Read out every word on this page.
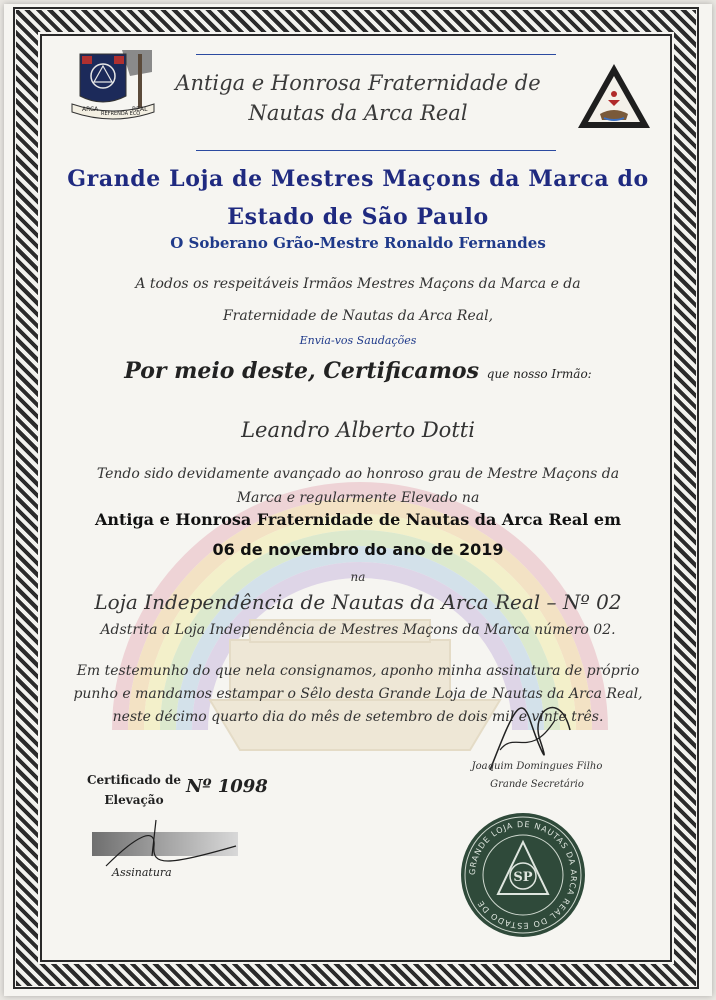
ARCA
REFRENDA ECO
REAL
Antiga e Honrosa Fraternidade de
Nautas da Arca Real
Grande Loja de Mestres Maçons da Marca do
Estado de São Paulo
O Soberano Grão-Mestre Ronaldo Fernandes
A todos os respeitáveis Irmãos Mestres Maçons da Marca e da
Fraternidade de Nautas da Arca Real,
Envia-vos Saudações
Por meio deste, Certificamos que nosso Irmão:
Leandro Alberto Dotti
Tendo sido devidamente avançado ao honroso grau de Mestre Maçons da
Marca e regularmente Elevado na
Antiga e Honrosa Fraternidade de Nautas da Arca Real em
06 de novembro do ano de 2019
na
Loja Independência de Nautas da Arca Real – Nº 02
Adstrita a Loja Independência de Mestres Maçons da Marca número 02.
Em testemunho do que nela consignamos, aponho minha assinatura de próprio
punho e mandamos estampar o Sêlo desta Grande Loja de Nautas da Arca Real,
neste décimo quarto dia do mês de setembro de dois mil e vinte três.
Joaquim Domingues Filho
Grande Secretário
Certificado de
Elevação
Nº 1098
Assinatura	GRANDE LOJA DE NAUTAS DA ARCA REAL DO ESTADO DE
SP
